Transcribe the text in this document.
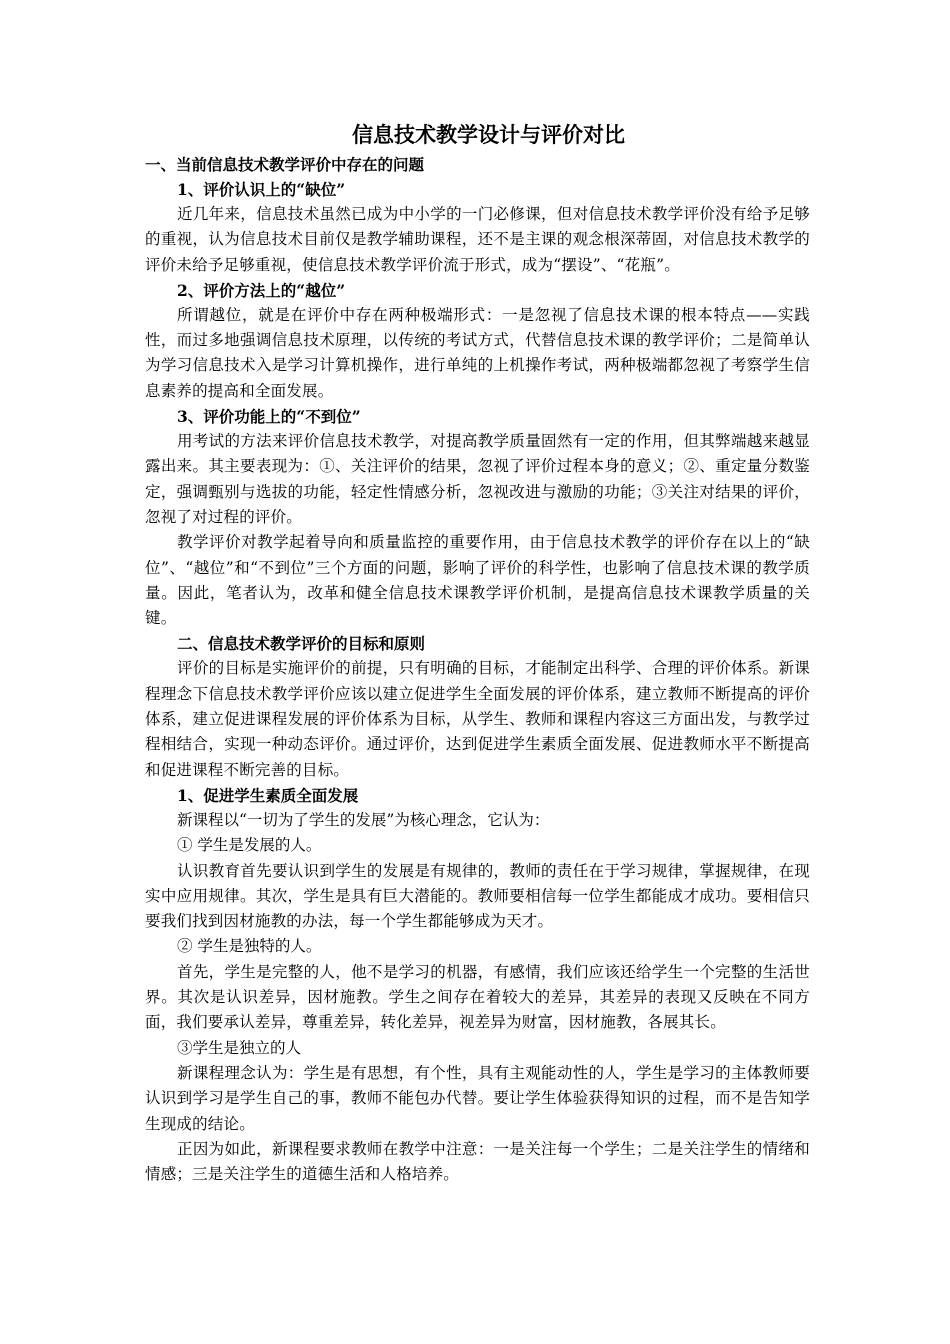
信息技术教学设计与评价对比

一、当前信息技术教学评价中存在的问题

1、评价认识上的“缺位”

近几年来，信息技术虽然已成为中小学的一门必修课，但对信息技术教学评价没有给予足够的重视，认为信息技术目前仅是教学辅助课程，还不是主课的观念根深蒂固，对信息技术教学的评价未给予足够重视，使信息技术教学评价流于形式，成为“摆设”、“花瓶”。

2、评价方法上的“越位”

所谓越位，就是在评价中存在两种极端形式：一是忽视了信息技术课的根本特点——实践性，而过多地强调信息技术原理，以传统的考试方式，代替信息技术课的教学评价；二是简单认为学习信息技术入是学习计算机操作，进行单纯的上机操作考试，两种极端都忽视了考察学生信息素养的提高和全面发展。

3、评价功能上的“不到位”

用考试的方法来评价信息技术教学，对提高教学质量固然有一定的作用，但其弊端越来越显露出来。其主要表现为：①、关注评价的结果，忽视了评价过程本身的意义；②、重定量分数鉴定，强调甄别与选拔的功能，轻定性情感分析，忽视改进与激励的功能；③关注对结果的评价，忽视了对过程的评价。

教学评价对教学起着导向和质量监控的重要作用，由于信息技术教学的评价存在以上的“缺位”、“越位”和“不到位”三个方面的问题，影响了评价的科学性，也影响了信息技术课的教学质量。因此，笔者认为，改革和健全信息技术课教学评价机制，是提高信息技术课教学质量的关键。

二、信息技术教学评价的目标和原则

评价的目标是实施评价的前提，只有明确的目标，才能制定出科学、合理的评价体系。新课程理念下信息技术教学评价应该以建立促进学生全面发展的评价体系，建立教师不断提高的评价体系，建立促进课程发展的评价体系为目标，从学生、教师和课程内容这三方面出发，与教学过程相结合，实现一种动态评价。通过评价，达到促进学生素质全面发展、促进教师水平不断提高和促进课程不断完善的目标。

1、促进学生素质全面发展

新课程以“一切为了学生的发展”为核心理念，它认为：

① 学生是发展的人。

认识教育首先要认识到学生的发展是有规律的，教师的责任在于学习规律，掌握规律，在现实中应用规律。其次，学生是具有巨大潜能的。教师要相信每一位学生都能成才成功。要相信只要我们找到因材施教的办法，每一个学生都能够成为天才。

② 学生是独特的人。

首先，学生是完整的人，他不是学习的机器，有感情，我们应该还给学生一个完整的生活世界。其次是认识差异，因材施教。学生之间存在着较大的差异，其差异的表现又反映在不同方面，我们要承认差异，尊重差异，转化差异，视差异为财富，因材施教，各展其长。

③学生是独立的人

新课程理念认为：学生是有思想，有个性，具有主观能动性的人，学生是学习的主体教师要认识到学习是学生自己的事，教师不能包办代替。要让学生体验获得知识的过程，而不是告知学生现成的结论。

正因为如此，新课程要求教师在教学中注意：一是关注每一个学生；二是关注学生的情绪和情感；三是关注学生的道德生活和人格培养。
